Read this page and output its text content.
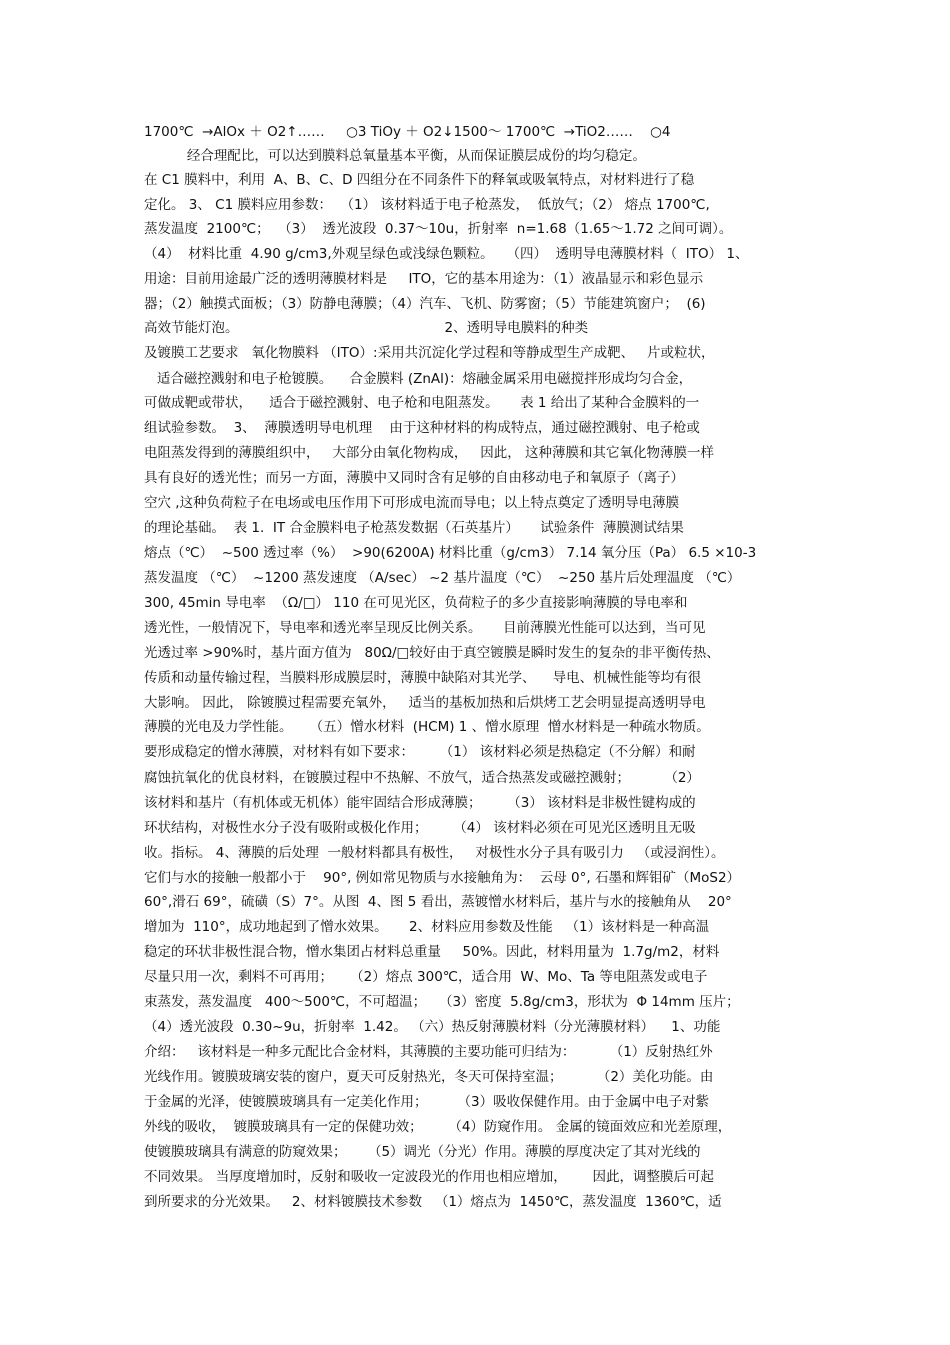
1700℃  →AlOx ＋ O2↑……     ○3 TiOy ＋ O2↓1500～ 1700℃  →TiO2……    ○4
经合理配比，可以达到膜料总氧量基本平衡，从而保证膜层成份的均匀稳定。
在 C1 膜料中，利用  A、B、C、D 四组分在不同条件下的释氧或吸氧特点，对材料进行了稳
定化。 3、 C1 膜料应用参数：  （1） 该材料适于电子枪蒸发，  低放气；（2） 熔点 1700℃,
蒸发温度  2100℃；  （3）  透光波段  0.37～10u，折射率  n=1.68（1.65～1.72 之间可调）。
（4）  材料比重  4.90 g/cm3,外观呈绿色或浅绿色颗粒。   （四）  透明导电薄膜材料（  ITO） 1、
用途：目前用途最广泛的透明薄膜材料是     ITO，它的基本用途为：（1）液晶显示和彩色显示
器；（2）触摸式面板；（3）防静电薄膜；（4）汽车、飞机、防雾窗；（5）节能建筑窗户；  (6)
高效节能灯泡。                                                2、透明导电膜料的种类
及镀膜工艺要求   氧化物膜料 （ITO）:采用共沉淀化学过程和等静成型生产成靶、   片或粒状，
适合磁控溅射和电子枪镀膜。    合金膜料 (ZnAl)：熔融金属采用电磁搅拌形成均匀合金，
可做成靶或带状，    适合于磁控溅射、电子枪和电阻蒸发。     表 1 给出了某种合金膜料的一
组试验参数。  3、  薄膜透明导电机理    由于这种材料的构成特点，通过磁控溅射、电子枪或
电阻蒸发得到的薄膜组织中，   大部分由氧化物构成，   因此， 这种薄膜和其它氧化物薄膜一样
具有良好的透光性；而另一方面，薄膜中又同时含有足够的自由移动电子和氧原子（离子）
空穴 ,这种负荷粒子在电场或电压作用下可形成电流而导电；以上特点奠定了透明导电薄膜
的理论基础。  表 1.  IT 合金膜料电子枪蒸发数据（石英基片）     试验条件  薄膜测试结果
熔点（℃）  ~500 透过率（%）  >90(6200A) 材料比重（g/cm3） 7.14 氧分压（Pa） 6.5 ×10-3
蒸发温度 （℃）  ~1200 蒸发速度 （A/sec） ~2 基片温度（℃）  ~250 基片后处理温度 （℃）
300, 45min 导电率  （Ω/□） 110 在可见光区，负荷粒子的多少直接影响薄膜的导电率和
透光性，一般情况下，导电率和透光率呈现反比例关系。     目前薄膜光性能可以达到，当可见
光透过率 >90%时，基片面方值为   80Ω/□较好由于真空镀膜是瞬时发生的复杂的非平衡传热、
传质和动量传输过程，当膜料形成膜层时，薄膜中缺陷对其光学、    导电、机械性能等均有很
大影响。 因此， 除镀膜过程需要充氧外，   适当的基板加热和后烘烤工艺会明显提高透明导电
薄膜的光电及力学性能。    （五）憎水材料  (HCM) 1 、憎水原理  憎水材料是一种疏水物质。
要形成稳定的憎水薄膜，对材料有如下要求：      （1） 该材料必须是热稳定（不分解）和耐
腐蚀抗氧化的优良材料，在镀膜过程中不热解、不放气，适合热蒸发或磁控溅射；        （2）
该材料和基片（有机体或无机体）能牢固结合形成薄膜；      （3） 该材料是非极性键构成的
环状结构，对极性水分子没有吸附或极化作用；      （4） 该材料必须在可见光区透明且无吸
收。指标。 4、薄膜的后处理  一般材料都具有极性，   对极性水分子具有吸引力   （或浸润性）。
它们与水的接触一般都小于    90°, 例如常见物质与水接触角为：  云母 0°, 石墨和辉钼矿（MoS2）
60°,滑石 69°，硫磺（S）7°。从图  4、图 5 看出，蒸镀憎水材料后，基片与水的接触角从    20°
增加为  110°，成功地起到了憎水效果。     2、材料应用参数及性能   （1）该材料是一种高温
稳定的环状非极性混合物，憎水集团占材料总重量     50%。因此，材料用量为  1.7g/m2，材料
尽量只用一次，剩料不可再用；    （2）熔点 300℃，适合用  W、Mo、Ta 等电阻蒸发或电子
束蒸发，蒸发温度   400～500℃，不可超温；   （3）密度  5.8g/cm3，形状为  Φ 14mm 压片；
（4）透光波段  0.30~9u，折射率  1.42。 （六）热反射薄膜材料（分光薄膜材料）    1、功能
介绍：   该材料是一种多元配比合金材料，其薄膜的主要功能可归结为：        （1）反射热红外
光线作用。镀膜玻璃安装的窗户，夏天可反射热光，冬天可保持室温；        （2）美化功能。由
于金属的光泽，使镀膜玻璃具有一定美化作用；       （3）吸收保健作用。由于金属中电子对紫
外线的吸收，  镀膜玻璃具有一定的保健功效；      （4）防窥作用。 金属的镜面效应和光差原理，
使镀膜玻璃具有满意的防窥效果；     （5）调光（分光）作用。薄膜的厚度决定了其对光线的
不同效果。 当厚度增加时，反射和吸收一定波段光的作用也相应增加，      因此，调整膜后可起
到所要求的分光效果。   2、材料镀膜技术参数   （1）熔点为  1450℃，蒸发温度  1360℃，适
